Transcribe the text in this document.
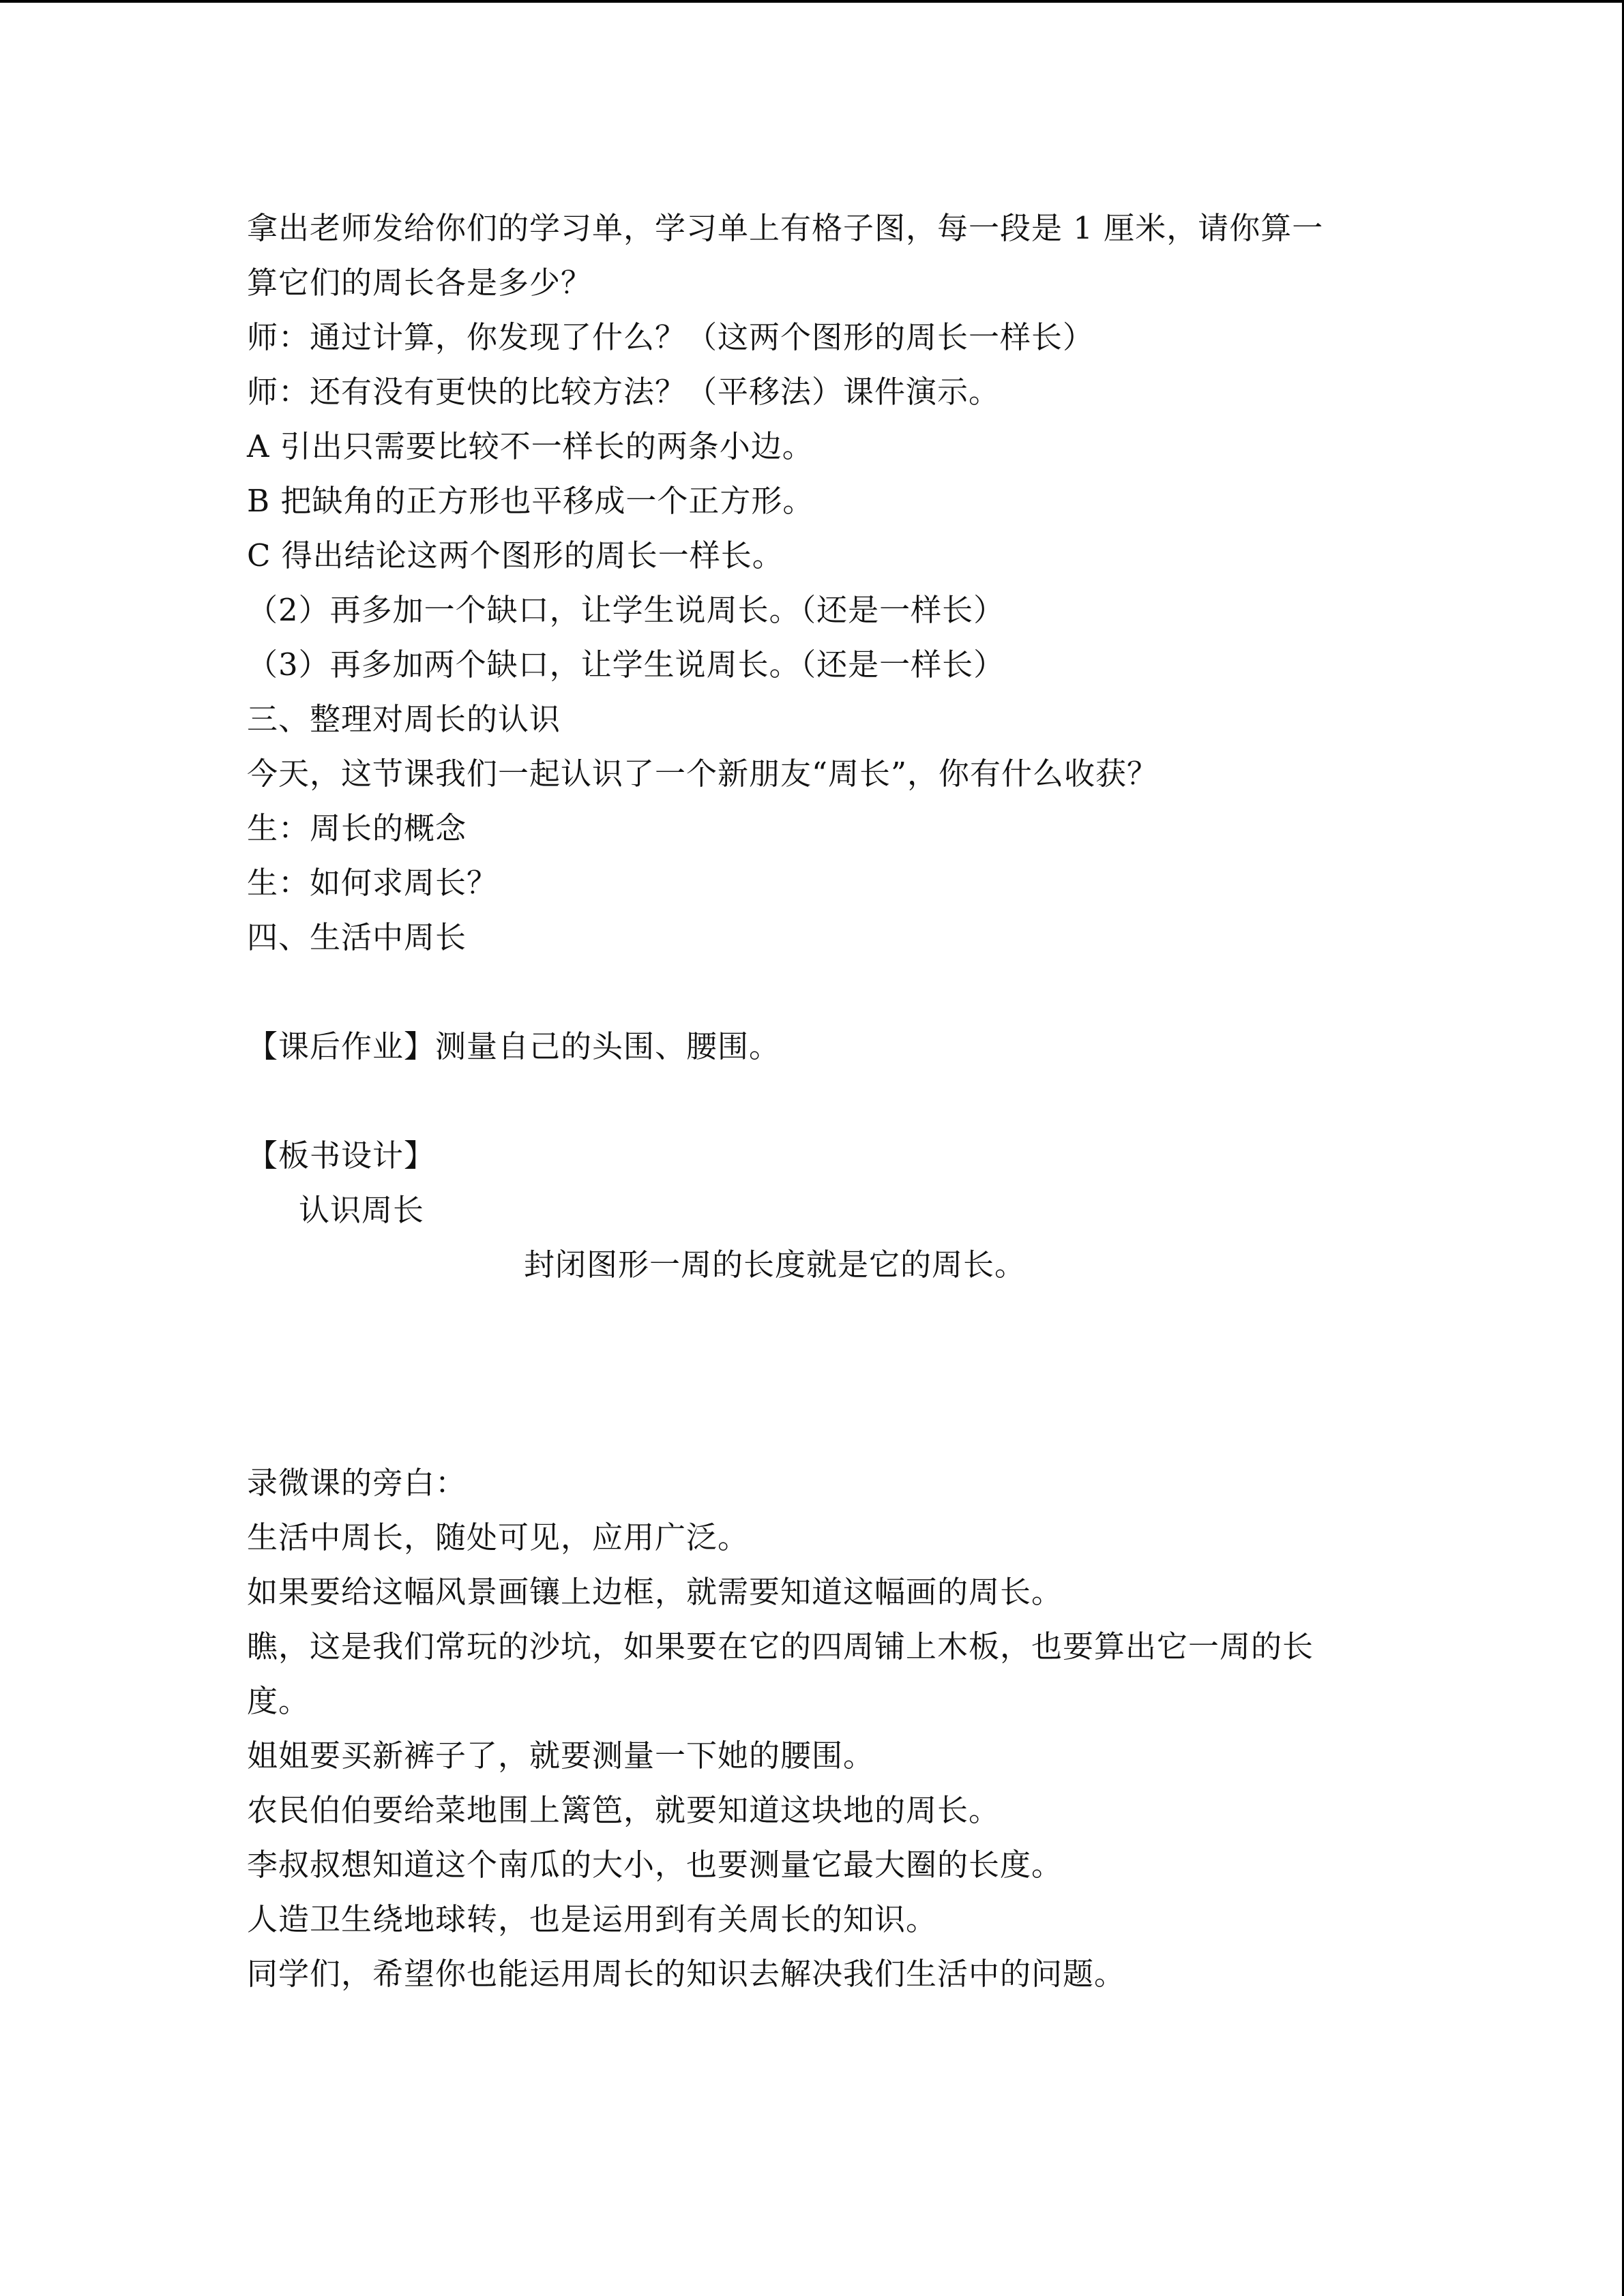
拿出老师发给你们的学习单，学习单上有格子图，每一段是 1 厘米，请你算一

算它们的周长各是多少？

师：通过计算，你发现了什么？（这两个图形的周长一样长）

师：还有没有更快的比较方法？（平移法）课件演示。

A 引出只需要比较不一样长的两条小边。

B 把缺角的正方形也平移成一个正方形。

C 得出结论这两个图形的周长一样长。

（2）再多加一个缺口，让学生说周长。（还是一样长）

（3）再多加两个缺口，让学生说周长。（还是一样长）

三、整理对周长的认识

今天，这节课我们一起认识了一个新朋友“周长”，你有什么收获？

生：周长的概念

生：如何求周长？

四、生活中周长

【课后作业】测量自己的头围、腰围。

【板书设计】

认识周长

封闭图形一周的长度就是它的周长。

录微课的旁白：

生活中周长，随处可见，应用广泛。

如果要给这幅风景画镶上边框，就需要知道这幅画的周长。

瞧，这是我们常玩的沙坑，如果要在它的四周铺上木板，也要算出它一周的长

度。

姐姐要买新裤子了，就要测量一下她的腰围。

农民伯伯要给菜地围上篱笆，就要知道这块地的周长。

李叔叔想知道这个南瓜的大小，也要测量它最大圈的长度。

人造卫生绕地球转，也是运用到有关周长的知识。

同学们，希望你也能运用周长的知识去解决我们生活中的问题。
